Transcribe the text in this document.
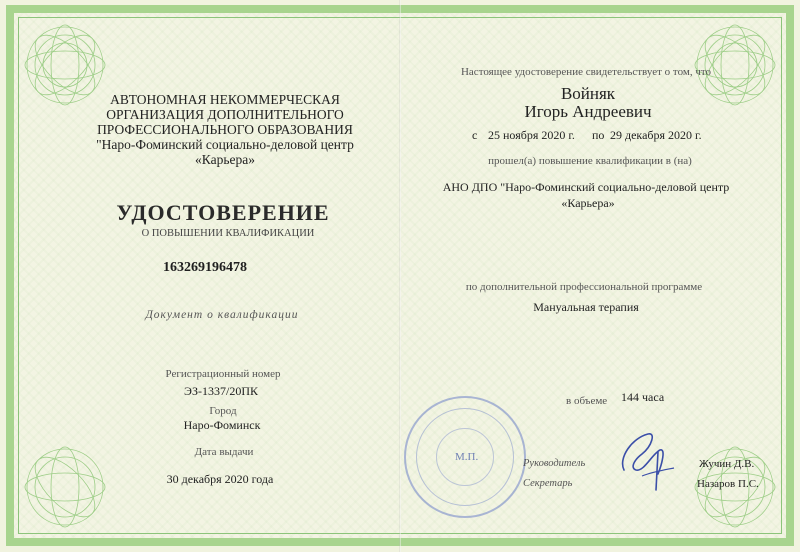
АВТОНОМНАЯ НЕКОММЕРЧЕСКАЯ
ОРГАНИЗАЦИЯ ДОПОЛНИТЕЛЬНОГО
ПРОФЕССИОНАЛЬНОГО ОБРАЗОВАНИЯ
"Наро-Фоминский социально-деловой центр
«Карьера»
УДОСТОВЕРЕНИЕ
О ПОВЫШЕНИИ КВАЛИФИКАЦИИ
163269196478
Документ о квалификации
Регистрационный номер
ЭЗ-1337/20ПК
Город
Наро-Фоминск
Дата выдачи
30 декабря 2020 года
Настоящее удостоверение свидетельствует о том, что
Войняк
Игорь Андреевич
с 25 ноября 2020 г. по 29 декабря 2020 г.
прошел(а) повышение квалификации в (на)
АНО ДПО "Наро-Фоминский социально-деловой центр
«Карьера»
по дополнительной профессиональной программе
Мануальная терапия
в объеме 144 часа
М.П.
Руководитель
Секретарь
Жучин Д.В.
Назаров П.С.
